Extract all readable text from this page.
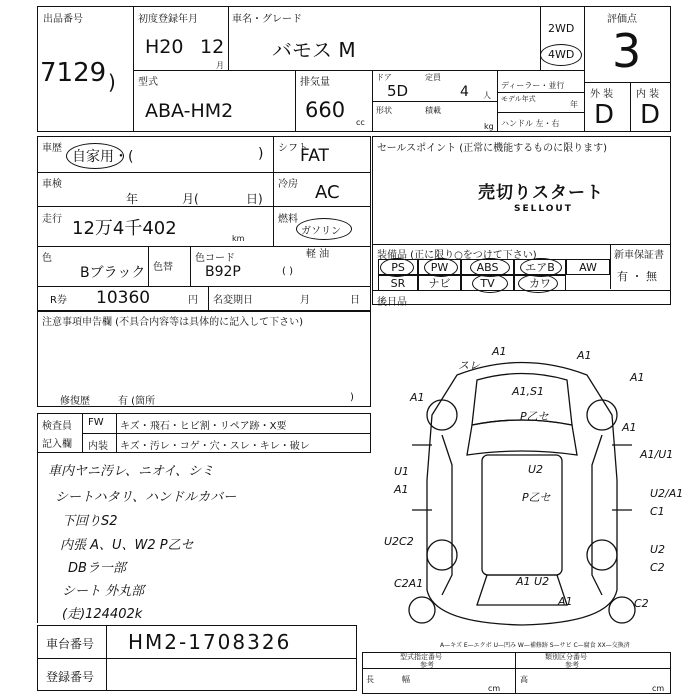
出品番号
7129 )
初度登録年月
H20 12
月
車名・グレード
バモス M
2WD
4WD
評価点
3
外 装 内 装
D D
型式
ABA-HM2
排気量
660
cc
ドア
5D
定員
4 人
形状	積載
kg
ディーラー・並行
モデル年式
年
ハンドル 左・右
車歴
自家用・(	) シフト
FAT
車検
年	月(	日)
冷房 AC
走行 12万4千402	km
燃料
ガソリン
軽 油
( )
色
Bブラック 色替
色コード
B92P
R券 10360	円 名変期日	月	日
注意事項申告欄 (不具合内容等は具体的に記入して下さい)
修復歴	有 (箇所	)
検査員
記入欄
FW キズ・飛石・ヒビ割・リペア跡・X要
内装 キズ・汚レ・コゲ・穴・スレ・キレ・破レ
車内ヤニ汚レ、ニオイ、シミ
シートハタリ、ハンドルカバー
下回りS2
内張 A、U、W2 P乙セ
DBラ一部
シート 外丸部
(走)124402k
車台番号 HM2-1708326
登録番号
セールスポイント (正常に機能するものに限ります)
売切りスタート
SELLOUT
装備品 (正に限り○をつけて下さい)	新車保証書
有 ・ 無
PS PW	ABS エアB AW
SR ナビ	TV	カワ
後日品
スレ
A1	A1
A1	A1,S1
P乙セ
A1
A1
A1/U1
U1
A1
U2
P乙セ	U2/A1
C1
U2C2
U2
C2
C2A1	A1 U2
C2
A1
A—キズ E—エクボ U—凹み W—補修跡 S—サビ C—腐食 XX—交換済
型式指定番号
参考
類別区分番号
参考
長
cm
幅	高
cm
